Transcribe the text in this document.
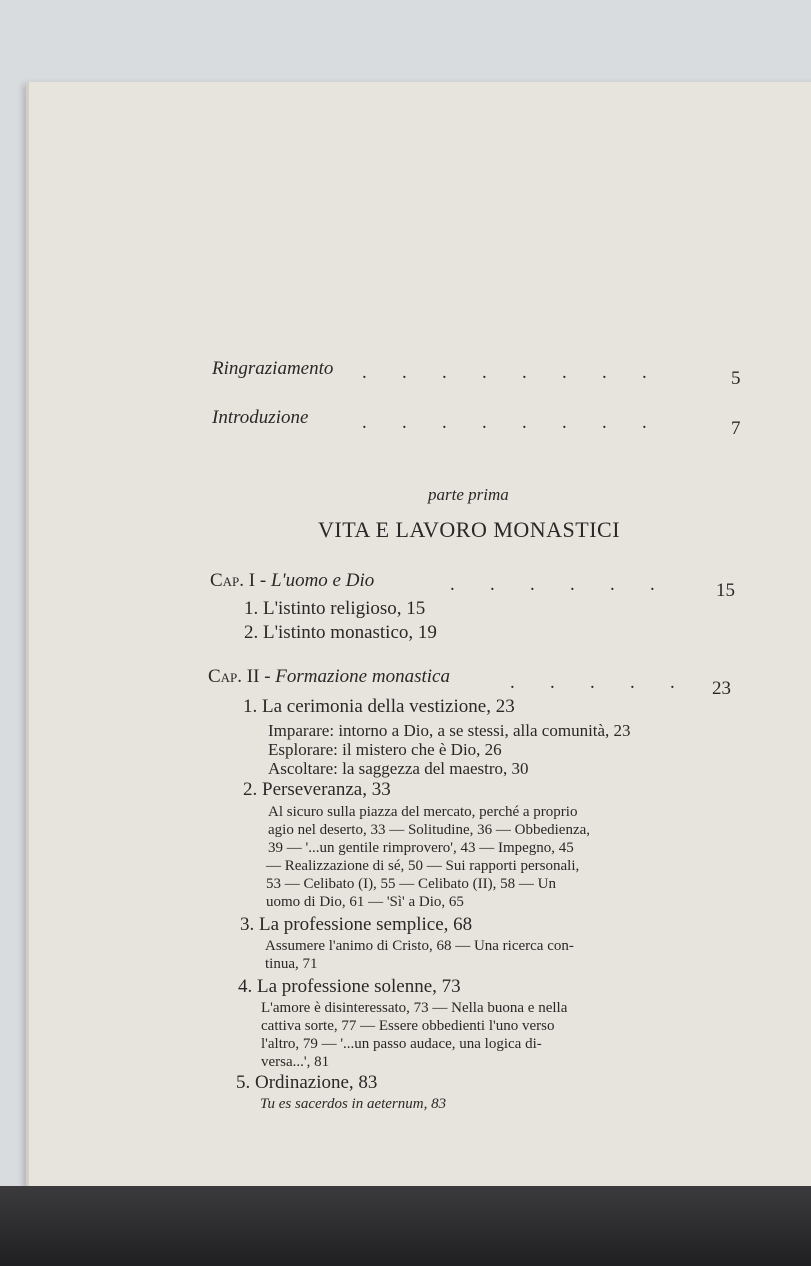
Ringraziamento . . . . . . . .	5
Introduzione	. . . . . . . .	7
parte prima
VITA E LAVORO MONASTICI
Cap. I - L'uomo e Dio	. . . . . .	15
1. L'istinto religioso, 15
2. L'istinto monastico, 19
Cap. II - Formazione monastica	. . . . .	23
1. La cerimonia della vestizione, 23
Imparare: intorno a Dio, a se stessi, alla comunità, 23
Esplorare: il mistero che è Dio, 26
Ascoltare: la saggezza del maestro, 30
2. Perseveranza, 33
Al sicuro sulla piazza del mercato, perché a proprio
agio nel deserto, 33 — Solitudine, 36 — Obbedienza,
39 — '...un gentile rimprovero', 43 — Impegno, 45
— Realizzazione di sé, 50 — Sui rapporti personali,
53 — Celibato (I), 55 — Celibato (II), 58 — Un
uomo di Dio, 61 — 'Sì' a Dio, 65
3. La professione semplice, 68
Assumere l'animo di Cristo, 68 — Una ricerca con-
tinua, 71
4. La professione solenne, 73
L'amore è disinteressato, 73 — Nella buona e nella
cattiva sorte, 77 — Essere obbedienti l'uno verso
l'altro, 79 — '...un passo audace, una logica di-
versa...', 81
5. Ordinazione, 83
Tu es sacerdos in aeternum, 83
